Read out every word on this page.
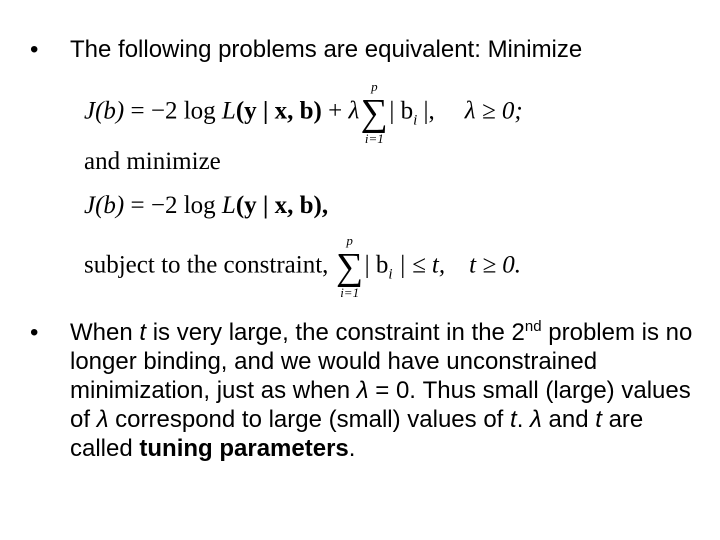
•	The following problems are equivalent: Minimize
J(b) = −2 log L(y | x, b) + λ
p
∑
i=1
| $b_i$ |, λ ≥ 0;
and minimize
J(b) = −2 log L(y | x, b),
subject to the constraint,
p
∑
i=1
| $b_i$ | ≤ t, t ≥ 0.
•	When t is very large, the constraint in the 2nd problem is no longer binding, and we would have unconstrained minimization, just as when λ = 0. Thus small (large) values of λ correspond to large (small) values of t. λ and t are called tuning parameters.
